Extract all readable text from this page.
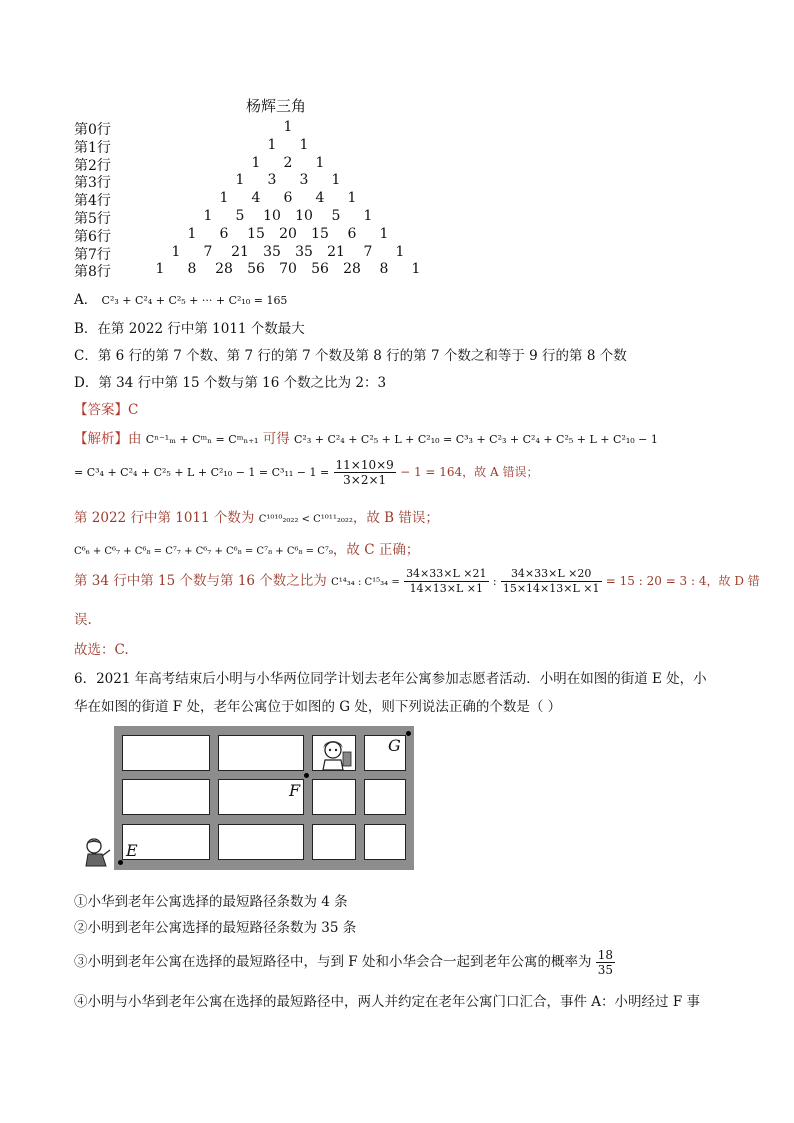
杨辉三角
第0行	1
第1行	1 1
第2行	1 2 1
第3行	1 3 3 1
第4行	1 4 6 4 1
第5行	1 5 10 10 5 1
第6行	1 6 15 20 15 6 1
第7行	1 7 21 35 35 21 7 1
第8行	1 8 28 56 70 56 28 8 1
A． C²₃ + C²₄ + C²₅ + ··· + C²₁₀ = 165
B．在第 2022 行中第 1011 个数最大
C．第 6 行的第 7 个数、第 7 行的第 7 个数及第 8 行的第 7 个数之和等于 9 行的第 8 个数
D．第 34 行中第 15 个数与第 16 个数之比为 2：3
【答案】C
【解析】由 Cⁿ⁻¹ₘ + Cᵐₙ = Cᵐₙ₊₁ 可得 C²₃ + C²₄ + C²₅ + L + C²₁₀ = C³₃ + C²₃ + C²₄ + C²₅ + L + C²₁₀ − 1
= $C^3_4 + C^2_4 + C^2_5 + L + C^2_{10} - 1 = C^3_{11} - 1 = \frac{11\times 10\times 9}{3\times 2\times 1} - 1 = 164$，故 A 错误；
第 2022 行中第 1011 个数为 C¹⁰¹⁰₂₀₂₂ < C¹⁰¹¹₂₀₂₂，故 B 错误；
C⁶₆ + C⁶₇ + C⁶₈ = C⁷₇ + C⁶₇ + C⁶₈ = C⁷₈ + C⁶₈ = C⁷₉，故 C 正确；
第 34 行中第 15 个数与第 16 个数之比为 C¹⁴₃₄ : $C^{15}_{34} = \frac{34\times 33\times L \times 21}{14\times 13\times L \times 1}$ : $\frac{34\times 33\times L \times 20}{15\times 14\times 13\times L \times 1} = 15$ : 20 = 3 : 4，故 D 错
误.
故选：C.
6．2021 年高考结束后小明与小华两位同学计划去老年公寓参加志愿者活动．小明在如图的街道 E 处，小
华在如图的街道 F 处，老年公寓位于如图的 G 处，则下列说法正确的个数是（ ）
G
F
E
①小华到老年公寓选择的最短路径条数为 4 条
②小明到老年公寓选择的最短路径条数为 35 条
③小明到老年公寓在选择的最短路径中，与到 F 处和小华会合一起到老年公寓的概率为 $\frac{18}{35}$
④小明与小华到老年公寓在选择的最短路径中，两人并约定在老年公寓门口汇合，事件 A：小明经过 F 事
